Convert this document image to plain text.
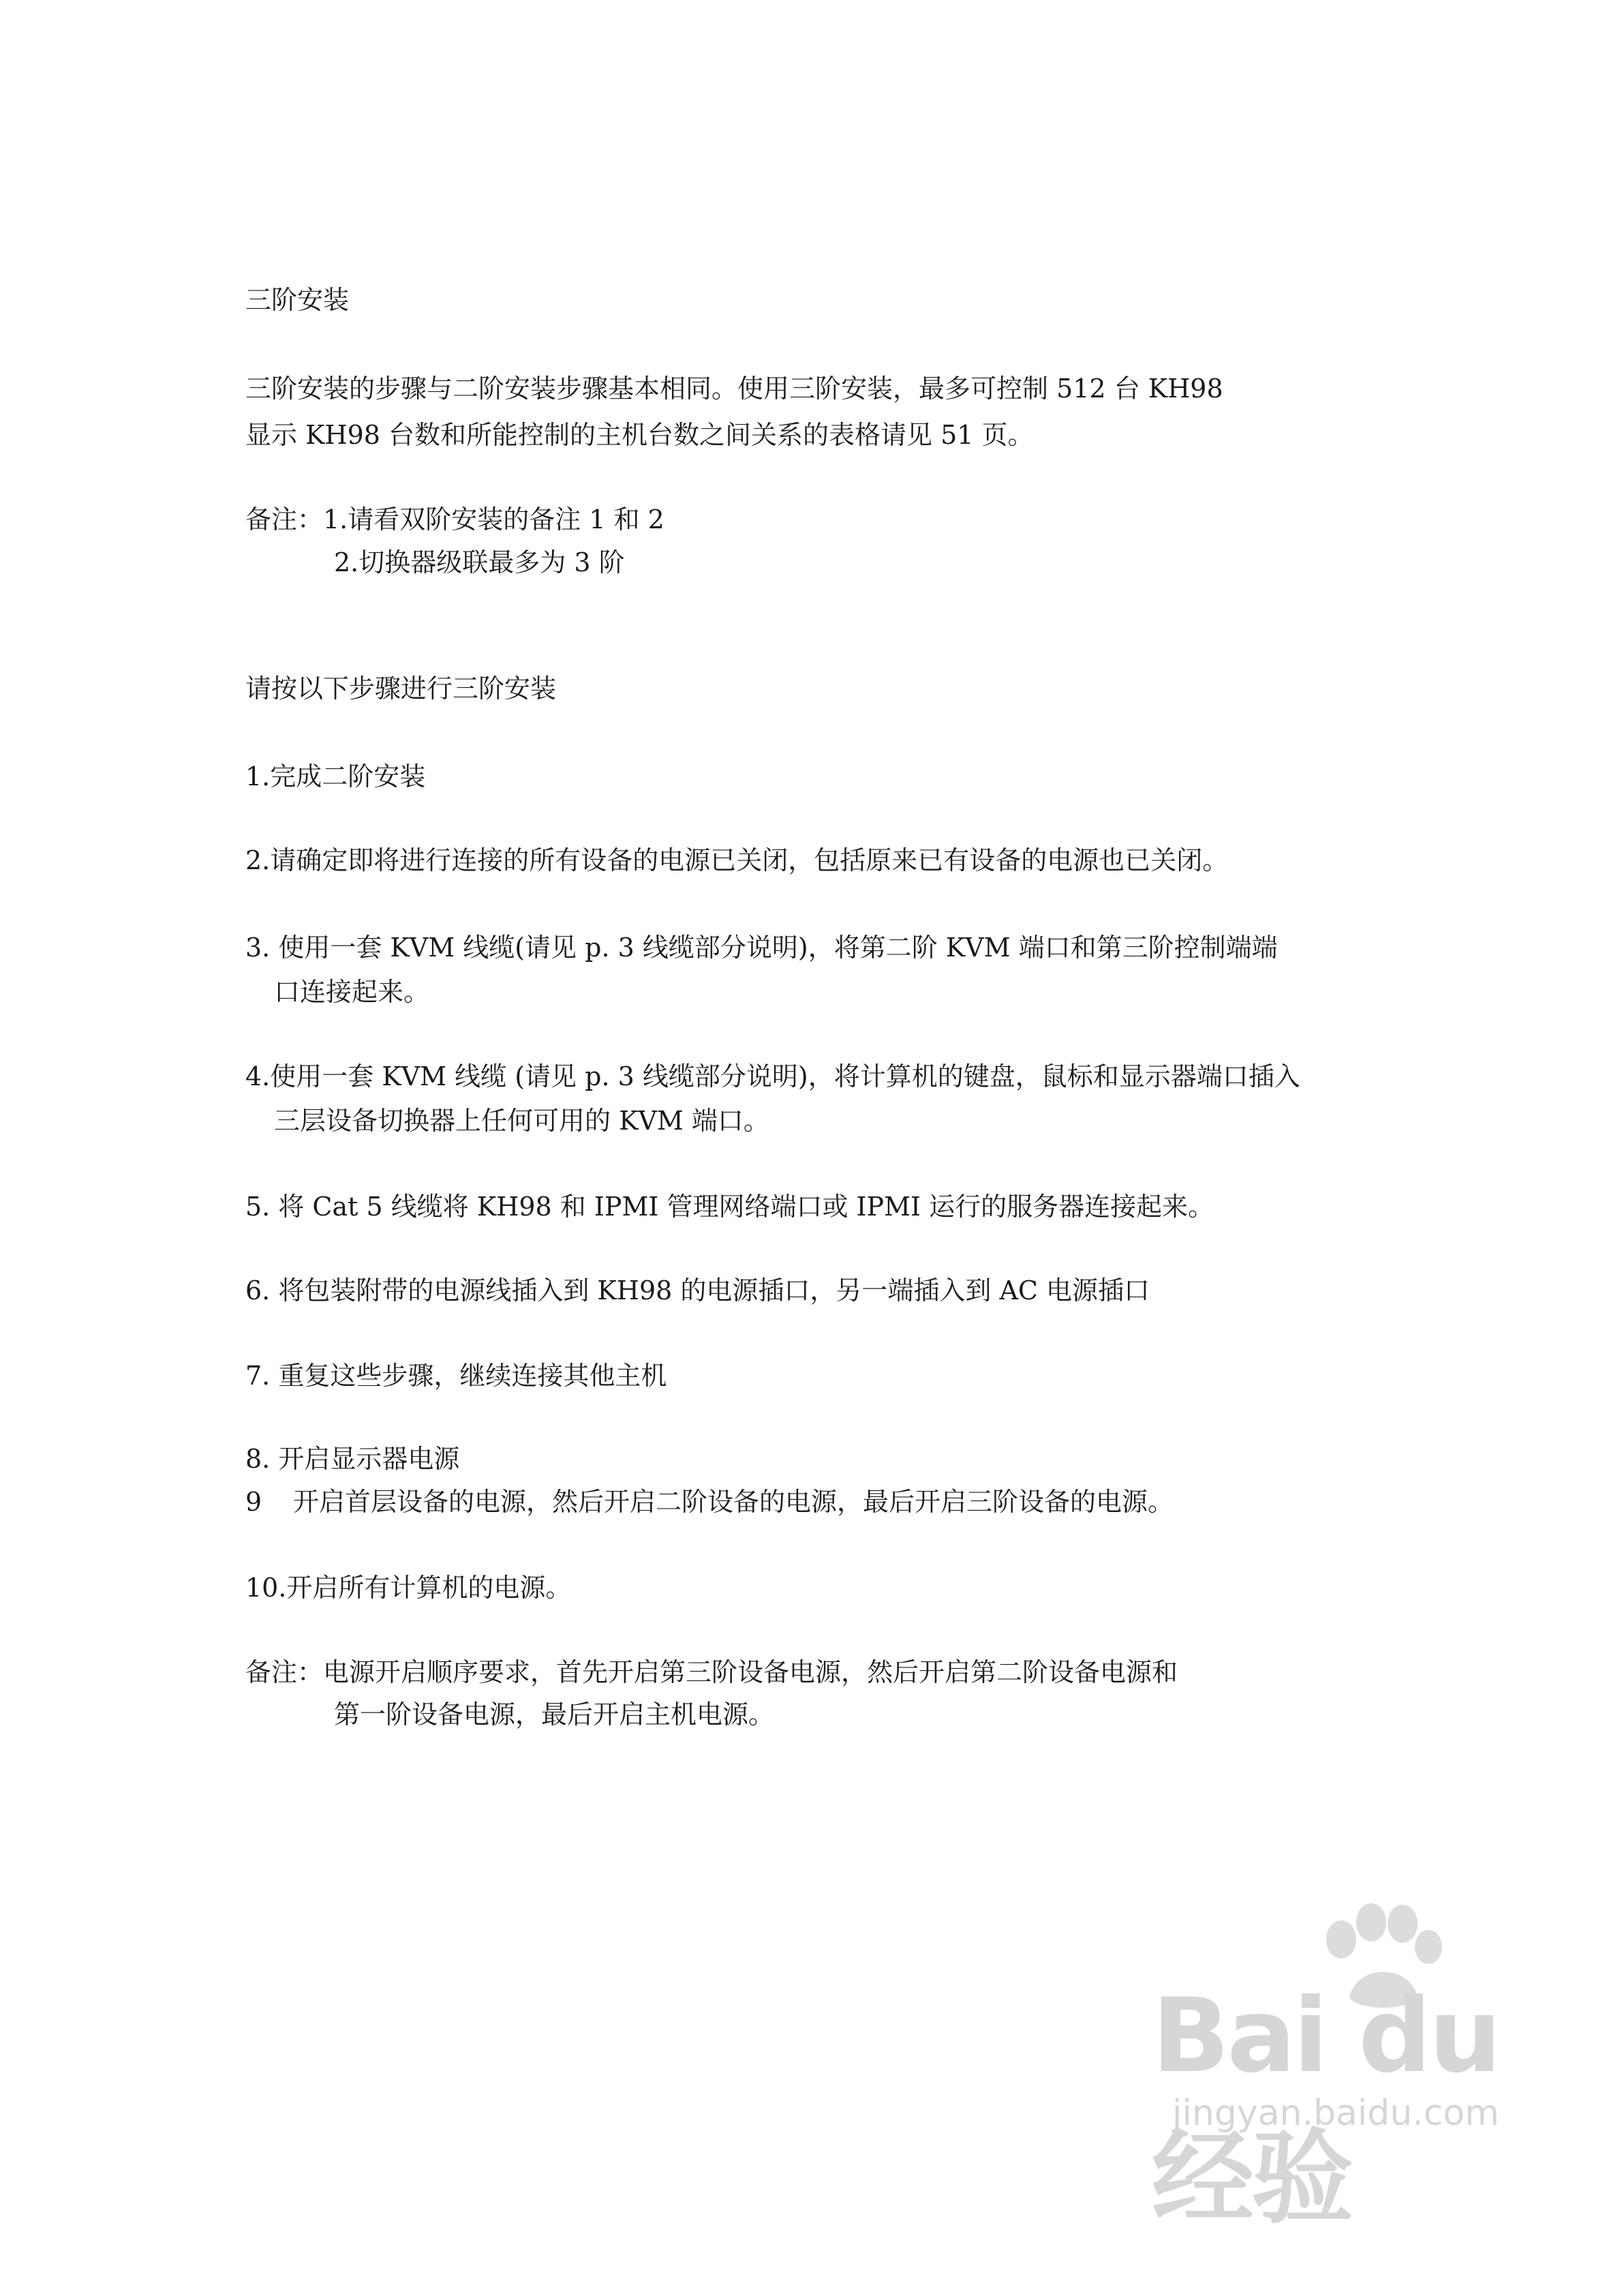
三阶安装
三阶安装的步骤与二阶安装步骤基本相同。使用三阶安装，最多可控制 512 台 KH98
显示 KH98 台数和所能控制的主机台数之间关系的表格请见 51 页。
备注：1.请看双阶安装的备注 1 和 2
2.切换器级联最多为 3 阶
请按以下步骤进行三阶安装
1.完成二阶安装
2.请确定即将进行连接的所有设备的电源已关闭，包括原来已有设备的电源也已关闭。
3. 使用一套 KVM 线缆(请见 p. 3 线缆部分说明)，将第二阶 KVM 端口和第三阶控制端端
口连接起来。
4.使用一套 KVM 线缆 (请见 p. 3 线缆部分说明)，将计算机的键盘，鼠标和显示器端口插入
三层设备切换器上任何可用的 KVM 端口。
5. 将 Cat 5 线缆将 KH98 和 IPMI 管理网络端口或 IPMI 运行的服务器连接起来。
6. 将包装附带的电源线插入到 KH98 的电源插口，另一端插入到 AC 电源插口
7. 重复这些步骤，继续连接其他主机
8. 开启显示器电源
9 开启首层设备的电源，然后开启二阶设备的电源，最后开启三阶设备的电源。
10.开启所有计算机的电源。
备注：电源开启顺序要求，首先开启第三阶设备电源，然后开启第二阶设备电源和
第一阶设备电源，最后开启主机电源。
Bai du 经验
jingyan.baidu.com
